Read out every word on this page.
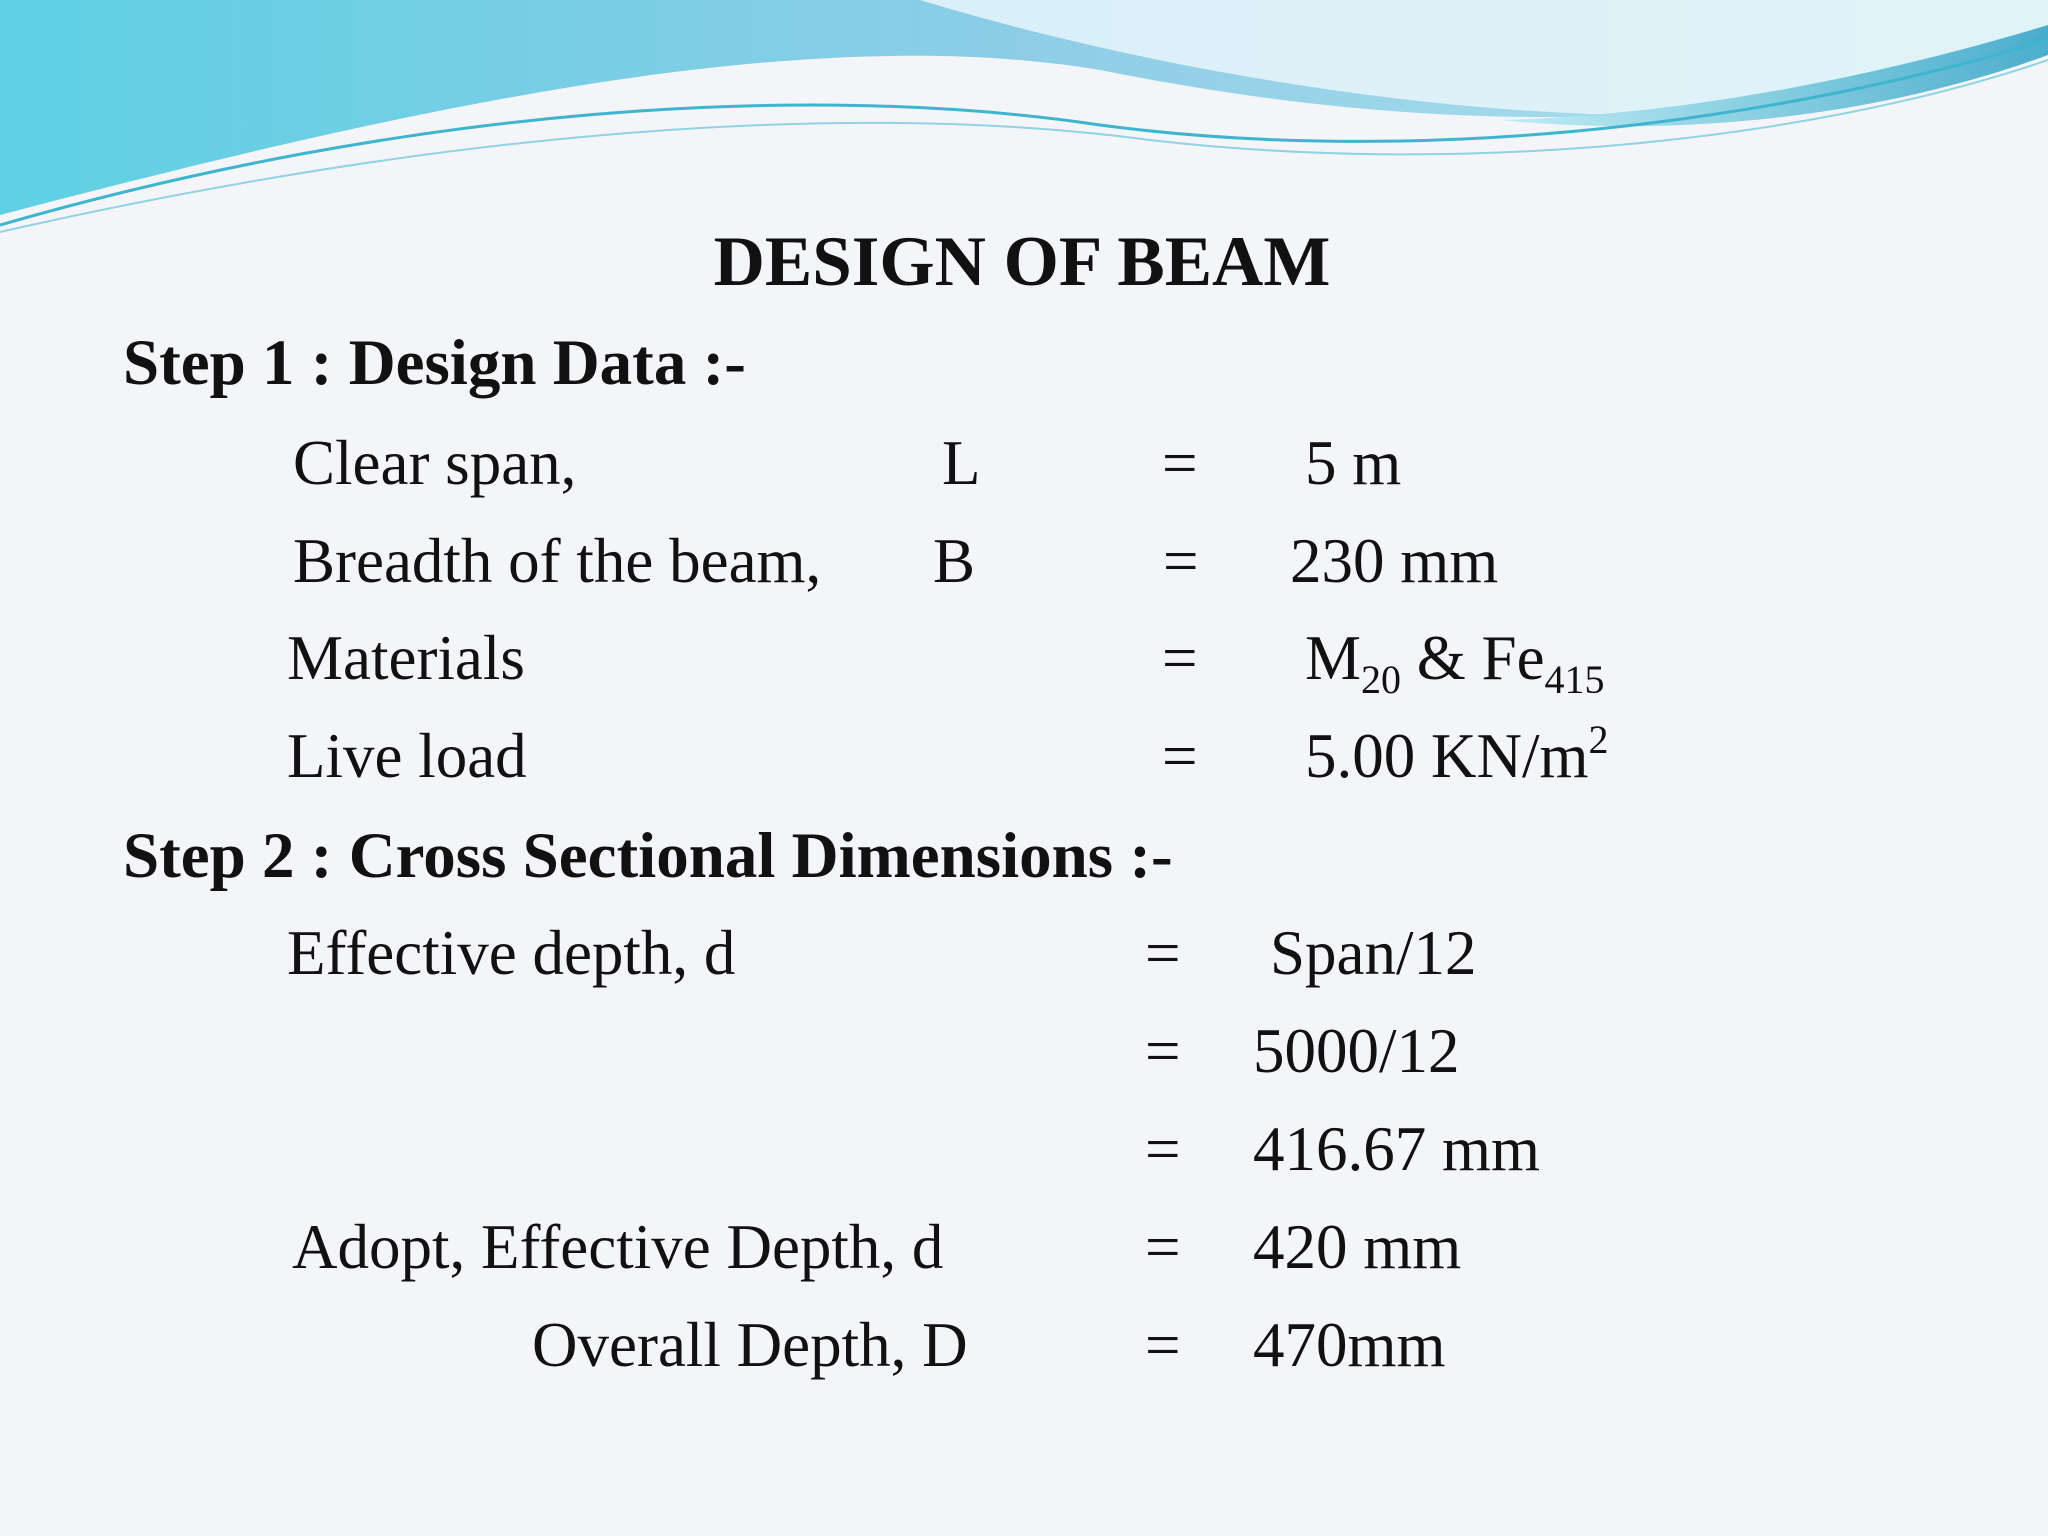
DESIGN OF BEAM
Step 1 : Design Data :-
Clear span,	L	= 5 m
Breadth of the beam, B	= 230 mm
Materials	= $M_{20}$ & $Fe_{415}$
Live load	= 5.00 $KN/m^2$
Step 2 : Cross Sectional Dimensions :-
Effective depth, d	= Span/12
= 5000/12
= 416.67 mm
Adopt, Effective Depth, d	= 420 mm
Overall Depth, D	= 470mm
